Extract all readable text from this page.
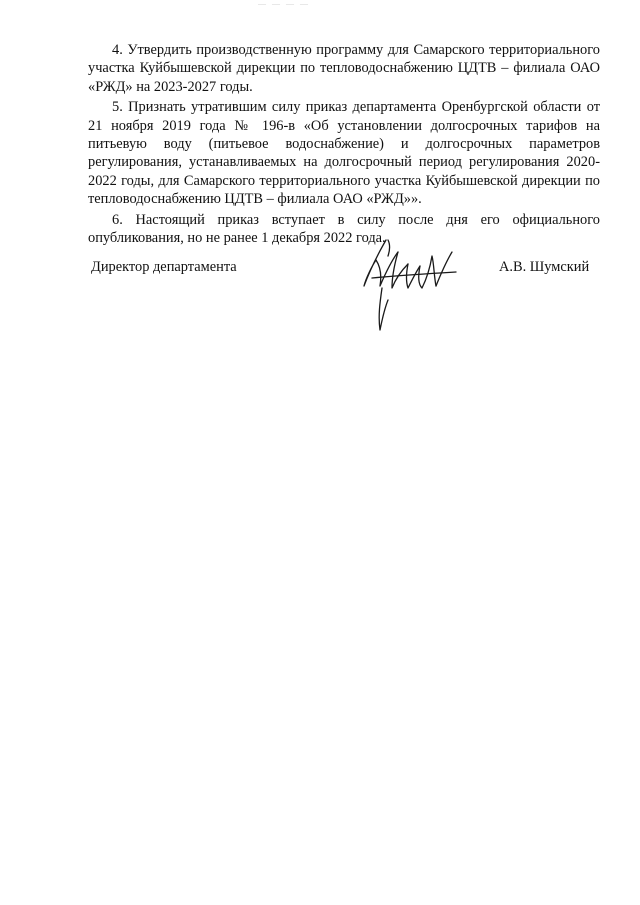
— — — —

4. Утвердить производственную программу для Самарского территориального участка Куйбышевской дирекции по тепловодоснабжению ЦДТВ – филиала ОАО «РЖД» на 2023-2027 годы.

5. Признать утратившим силу приказ департамента Оренбургской области от 21 ноября 2019 года № 196-в «Об установлении долгосрочных тарифов на питьевую воду (питьевое водоснабжение) и долгосрочных параметров регулирования, устанавливаемых на долгосрочный период регулирования 2020-2022 годы, для Самарского территориального участка Куйбышевской дирекции по тепловодоснабжению ЦДТВ – филиала ОАО «РЖД»».

6. Настоящий приказ вступает в силу после дня его официального опубликования, но не ранее 1 декабря 2022 года.

Директор департамента	А.В. Шумский
